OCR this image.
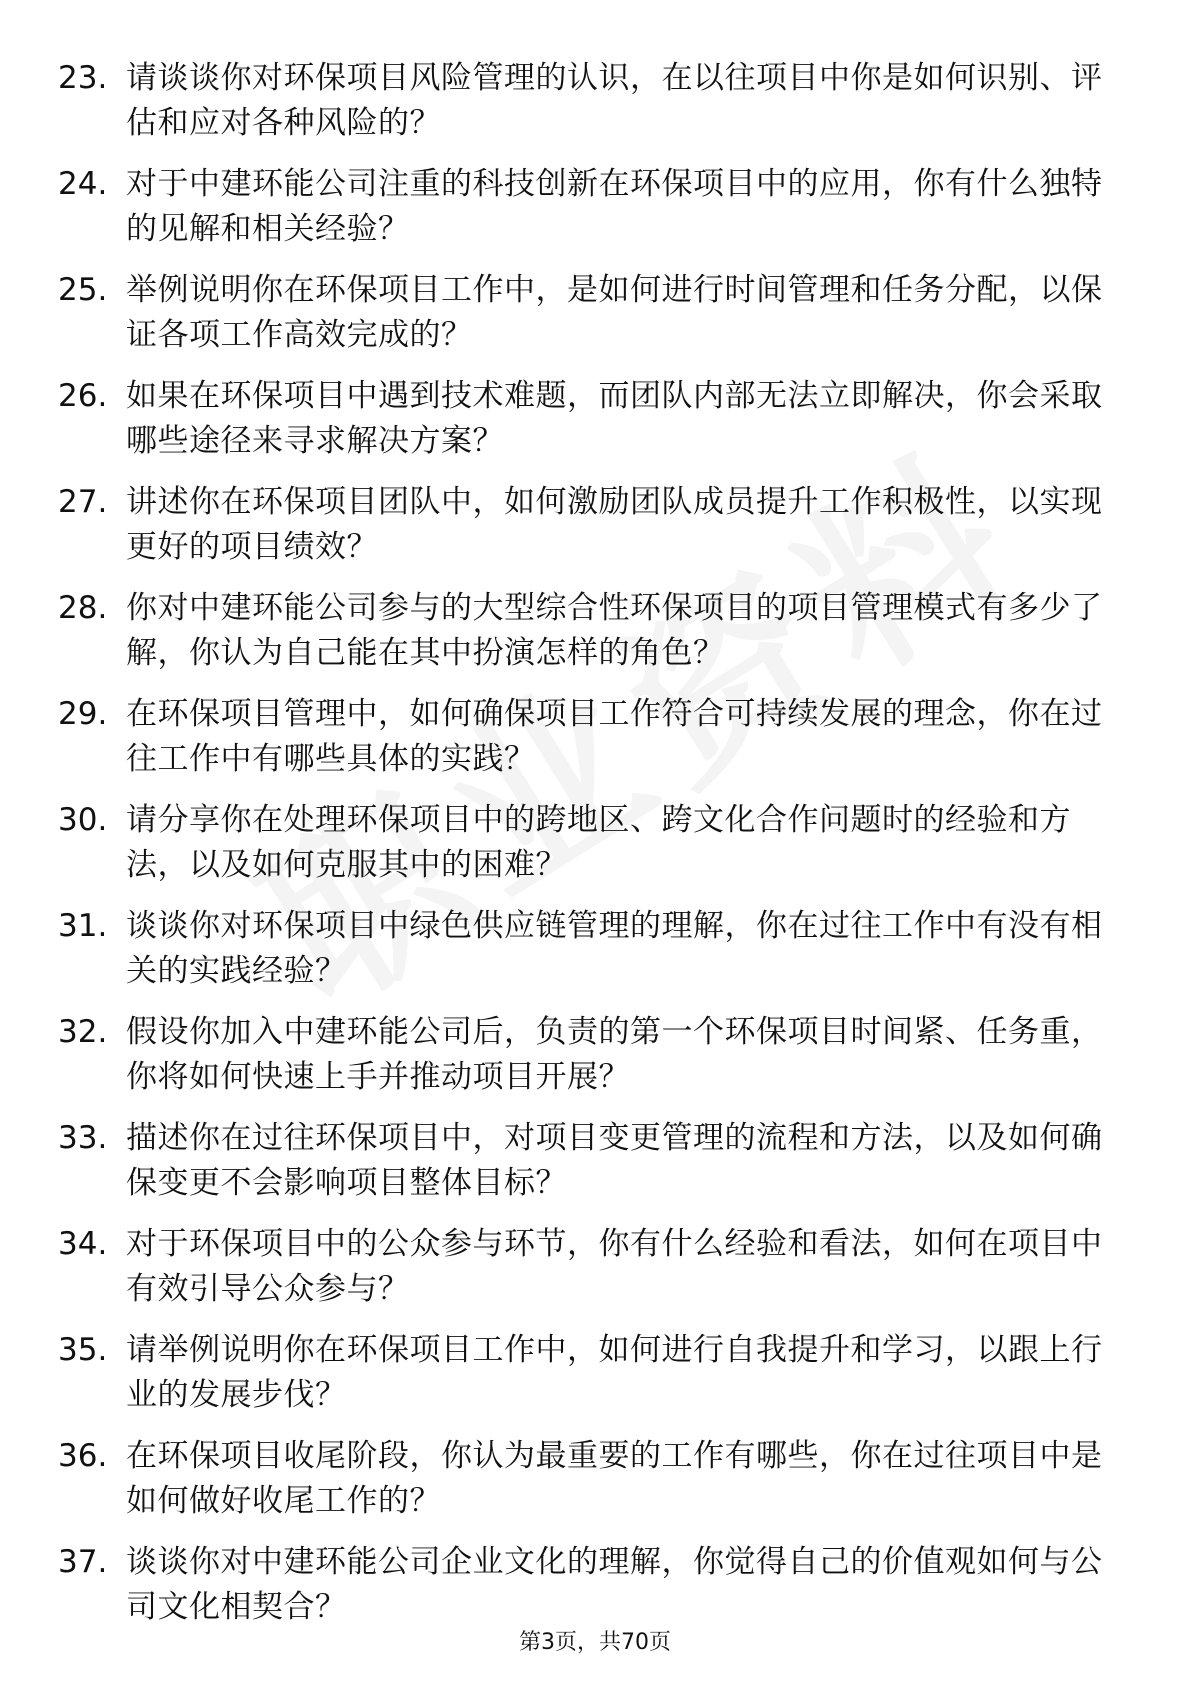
23. 请谈谈你对环保项目风险管理的认识，在以往项目中你是如何识别、评估和应对各种风险的？
24. 对于中建环能公司注重的科技创新在环保项目中的应用，你有什么独特的见解和相关经验？
25. 举例说明你在环保项目工作中，是如何进行时间管理和任务分配，以保证各项工作高效完成的？
26. 如果在环保项目中遇到技术难题，而团队内部无法立即解决，你会采取哪些途径来寻求解决方案？
27. 讲述你在环保项目团队中，如何激励团队成员提升工作积极性，以实现更好的项目绩效？
28. 你对中建环能公司参与的大型综合性环保项目的项目管理模式有多少了解，你认为自己能在其中扮演怎样的角色？
29. 在环保项目管理中，如何确保项目工作符合可持续发展的理念，你在过往工作中有哪些具体的实践？
30. 请分享你在处理环保项目中的跨地区、跨文化合作问题时的经验和方法，以及如何克服其中的困难？
31. 谈谈你对环保项目中绿色供应链管理的理解，你在过往工作中有没有相关的实践经验？
32. 假设你加入中建环能公司后，负责的第一个环保项目时间紧、任务重，你将如何快速上手并推动项目开展？
33. 描述你在过往环保项目中，对项目变更管理的流程和方法，以及如何确保变更不会影响项目整体目标？
34. 对于环保项目中的公众参与环节，你有什么经验和看法，如何在项目中有效引导公众参与？
35. 请举例说明你在环保项目工作中，如何进行自我提升和学习，以跟上行业的发展步伐？
36. 在环保项目收尾阶段，你认为最重要的工作有哪些，你在过往项目中是如何做好收尾工作的？
37. 谈谈你对中建环能公司企业文化的理解，你觉得自己的价值观如何与公司文化相契合？
第3页，共70页
